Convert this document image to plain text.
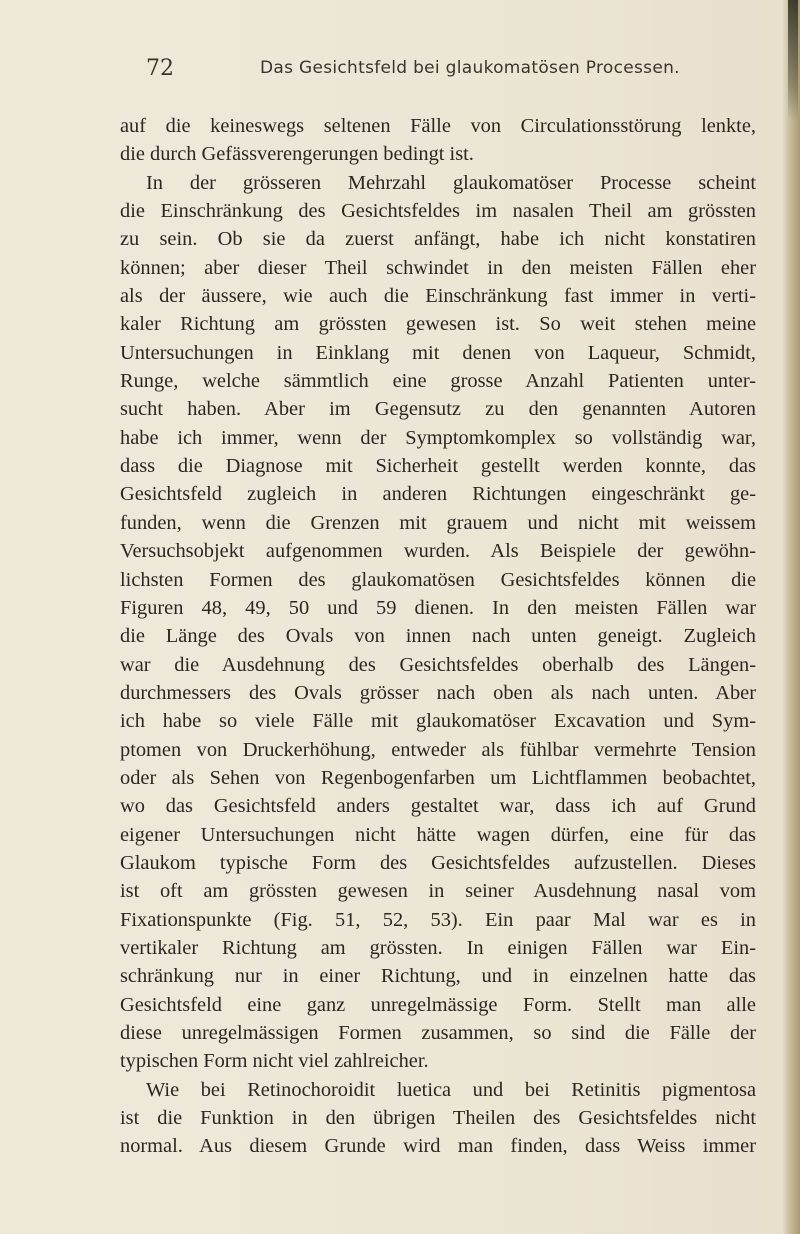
72	Das Gesichtsfeld bei glaukomatösen Processen.
auf die keineswegs seltenen Fälle von Circulationsstörung lenkte,
die durch Gefässverengerungen bedingt ist.
In der grösseren Mehrzahl glaukomatöser Processe scheint
die Einschränkung des Gesichtsfeldes im nasalen Theil am grössten
zu sein. Ob sie da zuerst anfängt, habe ich nicht konstatiren
können; aber dieser Theil schwindet in den meisten Fällen eher
als der äussere, wie auch die Einschränkung fast immer in verti-
kaler Richtung am grössten gewesen ist. So weit stehen meine
Untersuchungen in Einklang mit denen von Laqueur, Schmidt,
Runge, welche sämmtlich eine grosse Anzahl Patienten unter-
sucht haben. Aber im Gegensutz zu den genannten Autoren
habe ich immer, wenn der Symptomkomplex so vollständig war,
dass die Diagnose mit Sicherheit gestellt werden konnte, das
Gesichtsfeld zugleich in anderen Richtungen eingeschränkt ge-
funden, wenn die Grenzen mit grauem und nicht mit weissem
Versuchsobjekt aufgenommen wurden. Als Beispiele der gewöhn-
lichsten Formen des glaukomatösen Gesichtsfeldes können die
Figuren 48, 49, 50 und 59 dienen. In den meisten Fällen war
die Länge des Ovals von innen nach unten geneigt. Zugleich
war die Ausdehnung des Gesichtsfeldes oberhalb des Längen-
durchmessers des Ovals grösser nach oben als nach unten. Aber
ich habe so viele Fälle mit glaukomatöser Excavation und Sym-
ptomen von Druckerhöhung, entweder als fühlbar vermehrte Tension
oder als Sehen von Regenbogenfarben um Lichtflammen beobachtet,
wo das Gesichtsfeld anders gestaltet war, dass ich auf Grund
eigener Untersuchungen nicht hätte wagen dürfen, eine für das
Glaukom typische Form des Gesichtsfeldes aufzustellen. Dieses
ist oft am grössten gewesen in seiner Ausdehnung nasal vom
Fixationspunkte (Fig. 51, 52, 53). Ein paar Mal war es in
vertikaler Richtung am grössten. In einigen Fällen war Ein-
schränkung nur in einer Richtung, und in einzelnen hatte das
Gesichtsfeld eine ganz unregelmässige Form. Stellt man alle
diese unregelmässigen Formen zusammen, so sind die Fälle der
typischen Form nicht viel zahlreicher.
Wie bei Retinochoroidit luetica und bei Retinitis pigmentosa
ist die Funktion in den übrigen Theilen des Gesichtsfeldes nicht
normal. Aus diesem Grunde wird man finden, dass Weiss immer
